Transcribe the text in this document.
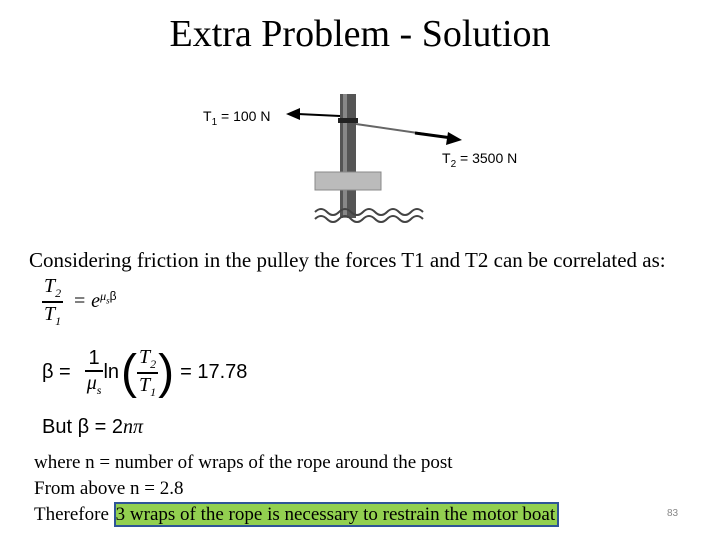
Extra Problem - Solution
$T_1 = 100$ N
$T_2 = 3500$ N
Considering friction in the pulley the forces T1 and T2 can be correlated as:
$\frac{T_2}{T_1} = e^{\mu_s\beta}$
$\beta = \frac{1}{\mu_s}$ ln ( $\frac{T_2}{T_1}$ ) = 17.78
But β = 2nπ
where n = number of wraps of the rope around the post
From above n = 2.8
Therefore 3 wraps of the rope is necessary to restrain the motor boat	83
